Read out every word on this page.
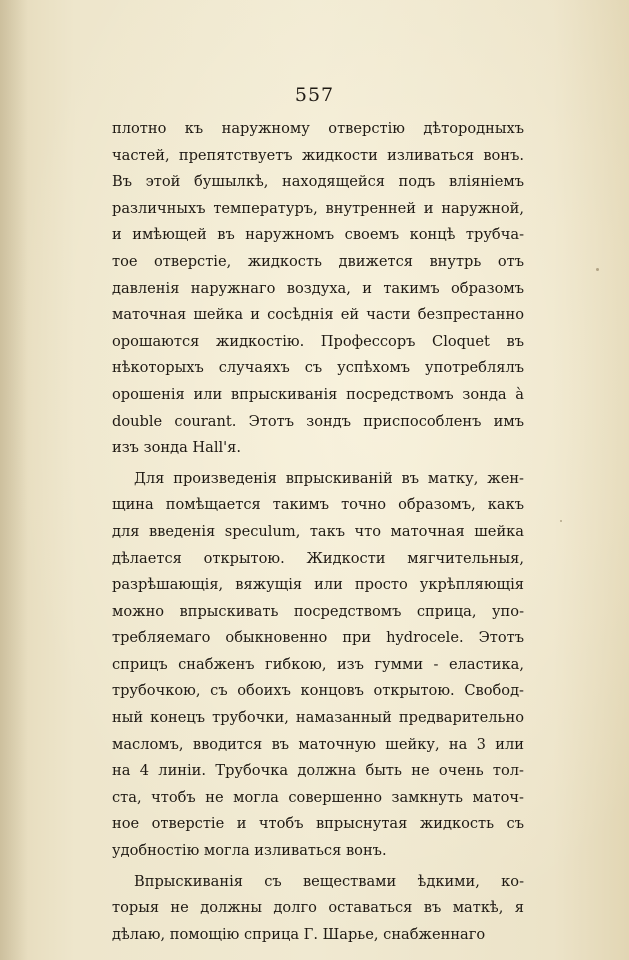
557
плотно къ наружному отверстію дѣтородныхъ
частей, препятствуетъ жидкости изливаться вонъ.
Въ этой бушылкѣ, находящейся подъ вліяніемъ
различныхъ температуръ, внутренней и наружной,
и имѣющей въ наружномъ своемъ концѣ трубча-
тое отверстіе, жидкость движется внутрь отъ
давленія наружнаго воздуха, и такимъ образомъ
маточная шейка и сосѣднія ей части безпрестанно
орошаются жидкостію. Профессоръ Cloquet въ
нѣкоторыхъ случаяхъ съ успѣхомъ употреблялъ
орошенія или впрыскиванія посредствомъ зонда à
double courant. Этотъ зондъ приспособленъ имъ
изъ зонда Hall'я.
Для произведенія впрыскиваній въ матку, жен-
щина помѣщается такимъ точно образомъ, какъ
для введенія speculum, такъ что маточная шейка
дѣлается открытою. Жидкости мягчительныя,
разрѣшающія, вяжущія или просто укрѣпляющія
можно впрыскивать посредствомъ сприца, упо-
требляемаго обыкновенно при hydrocele. Этотъ
сприцъ снабженъ гибкою, изъ гумми - еластика,
трубочкою, съ обоихъ концовъ открытою. Свобод-
ный конецъ трубочки, намазанный предварительно
масломъ, вводится въ маточную шейку, на 3 или
на 4 линіи. Трубочка должна быть не очень тол-
ста, чтобъ не могла совершенно замкнуть маточ-
ное отверстіе и чтобъ впрыснутая жидкость съ
удобностію могла изливаться вонъ.
Впрыскиванія съ веществами ѣдкими, ко-
торыя не должны долго оставаться въ маткѣ, я
дѣлаю, помощію сприца Г. Шарье, снабженнаго
